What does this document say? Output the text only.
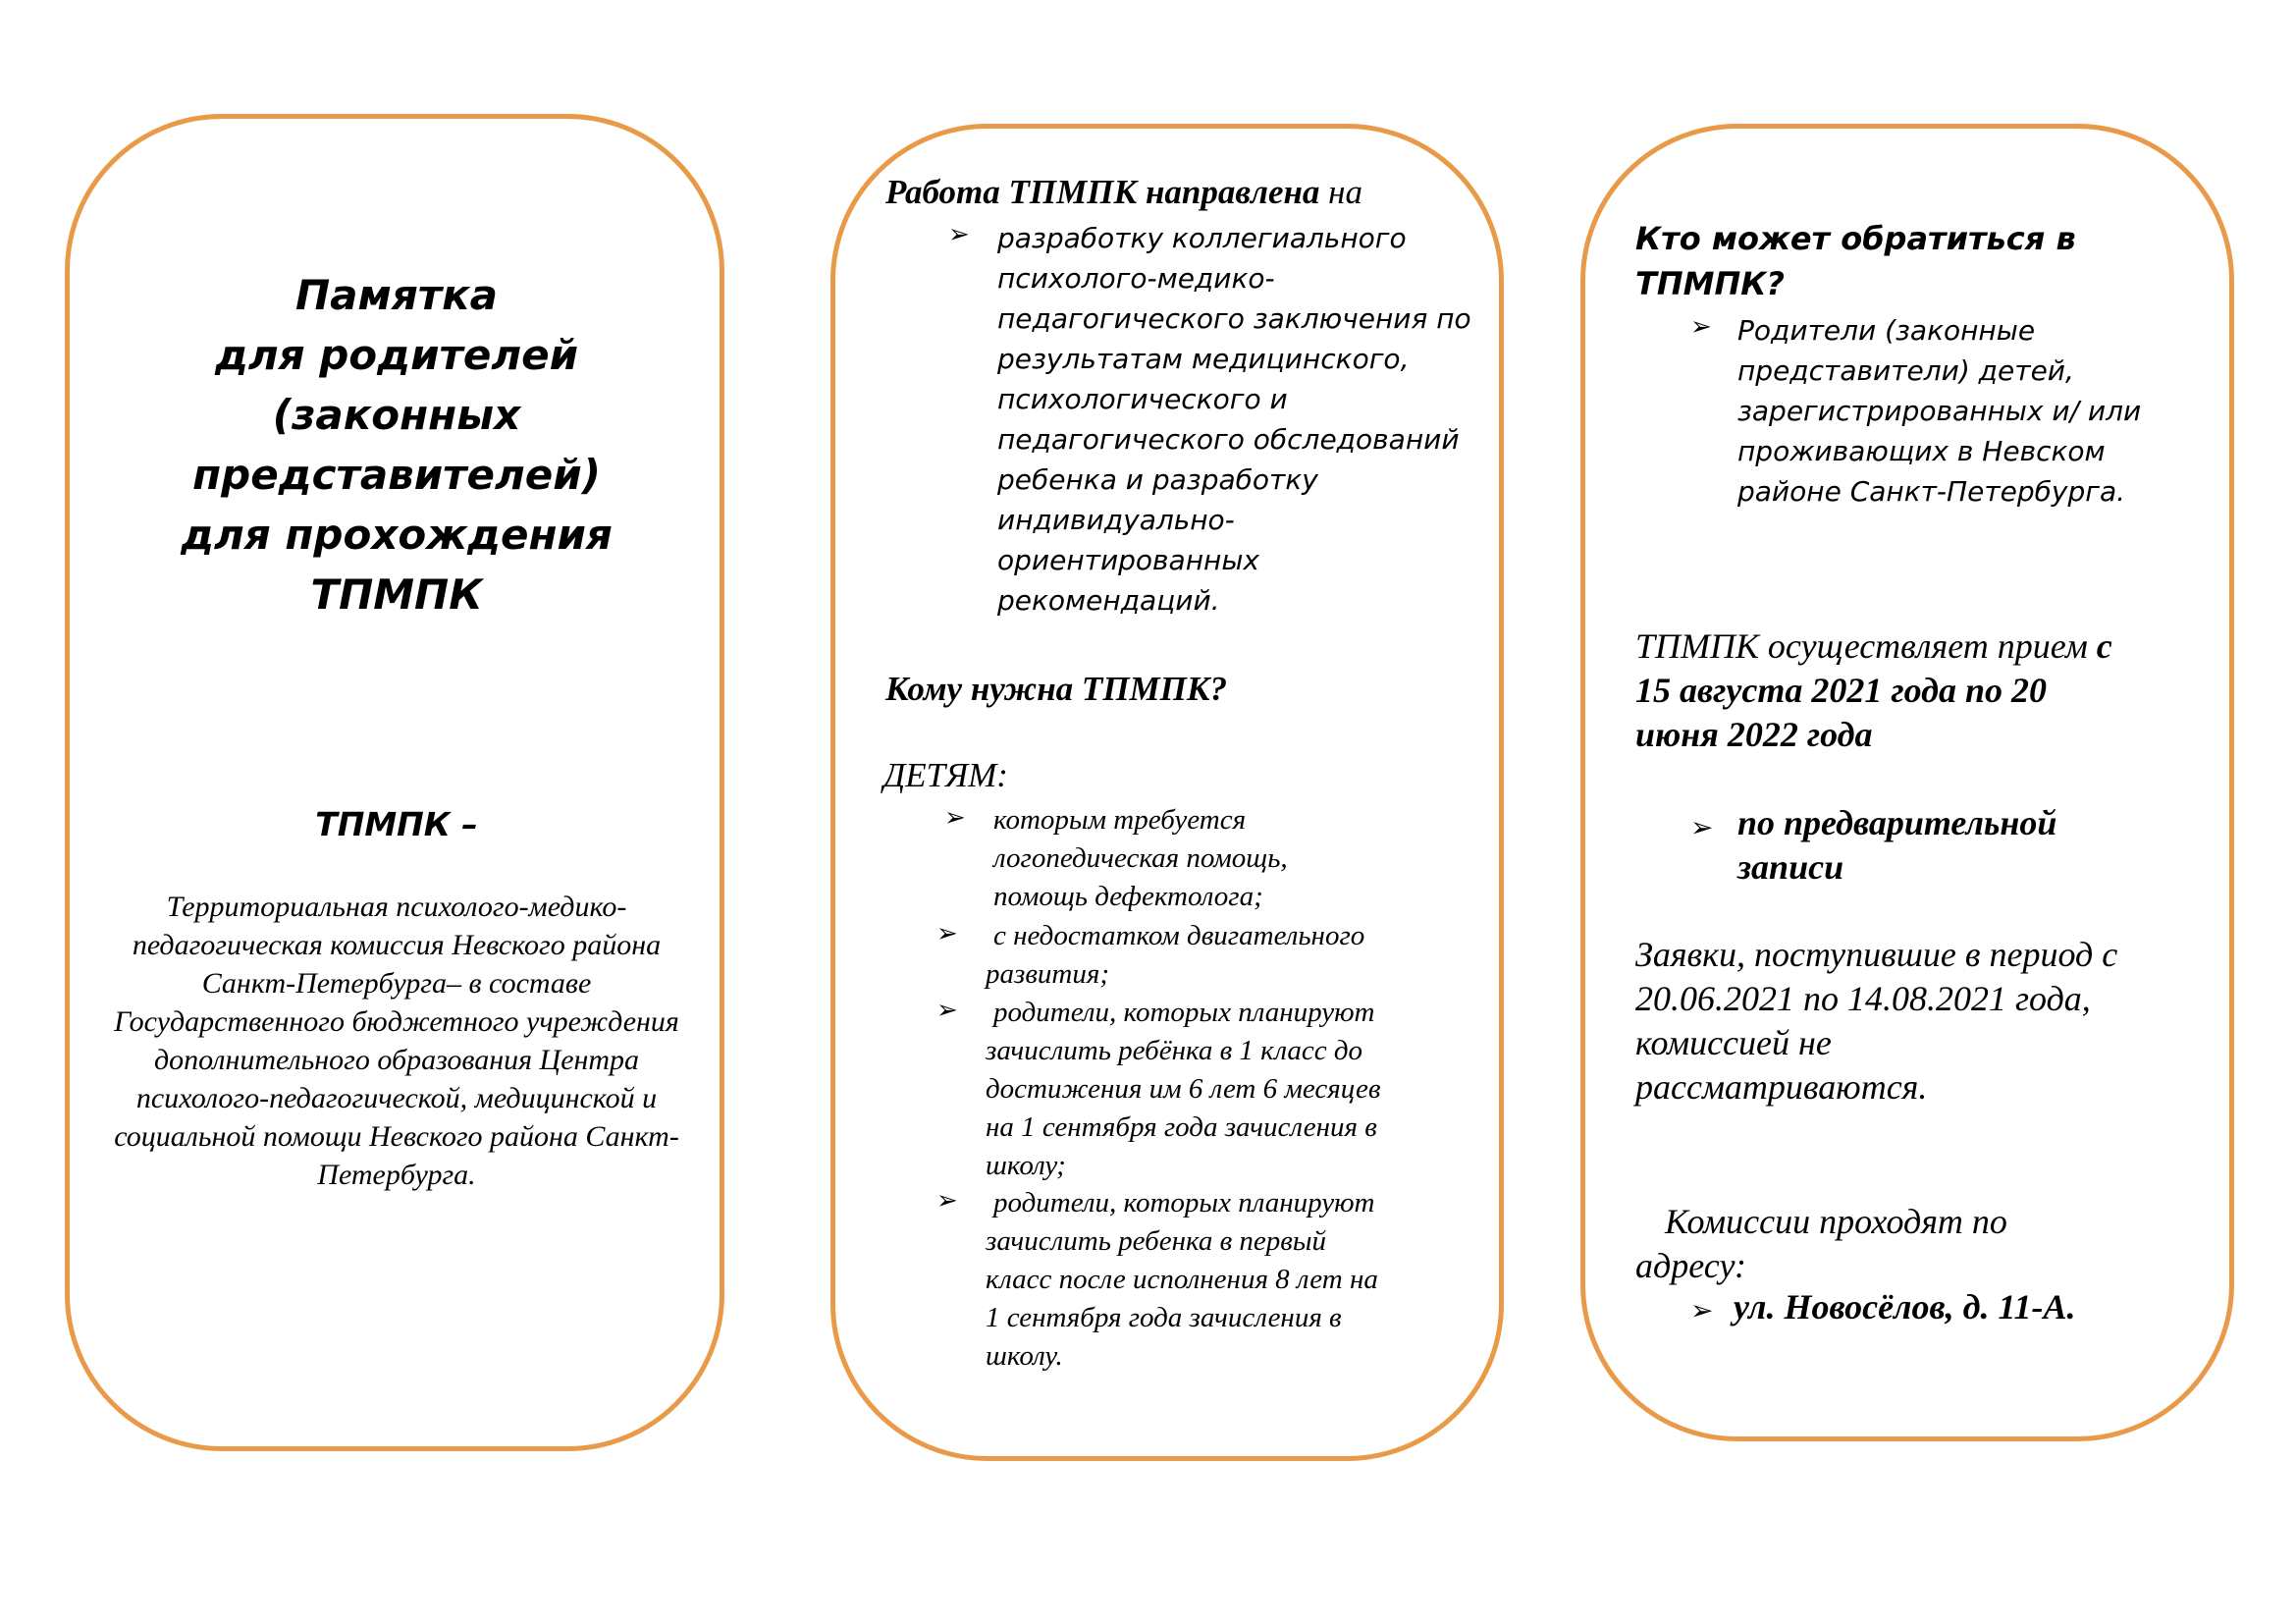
Памятка
для родителей
(законных
представителей)
для прохождения
ТПМПК
ТПМПК –
Территориальная психолого-медико-педагогическая комиссия Невского района Санкт-Петербурга– в составе Государственного бюджетного учреждения дополнительного образования Центра психолого-педагогической, медицинской и социальной помощи Невского района Санкт-Петербурга.
Работа ТПМПК направлена на
➢ разработку коллегиального
психолого-медико-
педагогического заключения по
результатам медицинского,
психологического и
педагогического обследований
ребенка и разработку
индивидуально-
ориентированных
рекомендаций.
Кому нужна ТПМПК?
ДЕТЯМ:
➢ которым требуется
логопедическая помощь,
помощь дефектолога;
➢ с недостатком двигательного
развития;
➢ родители, которых планируют
зачислить ребёнка в 1 класс до
достижения им 6 лет 6 месяцев
на 1 сентября года зачисления в
школу;
➢ родители, которых планируют
зачислить ребенка в первый
класс после исполнения 8 лет на
1 сентября года зачисления в
школу.
Кто может обратиться в
ТПМПК?
➢ Родители (законные
представители) детей,
зарегистрированных и/ или
проживающих в Невском
районе Санкт-Петербурга.
ТПМПК осуществляет прием с
15 августа 2021 года по 20
июня 2022 года
➢ по предварительной
записи
Заявки, поступившие в период с
20.06.2021 по 14.08.2021 года,
комиссией не
рассматриваются.
Комиссии проходят по
адресу:
➢ ул. Новосёлов, д. 11-А.
